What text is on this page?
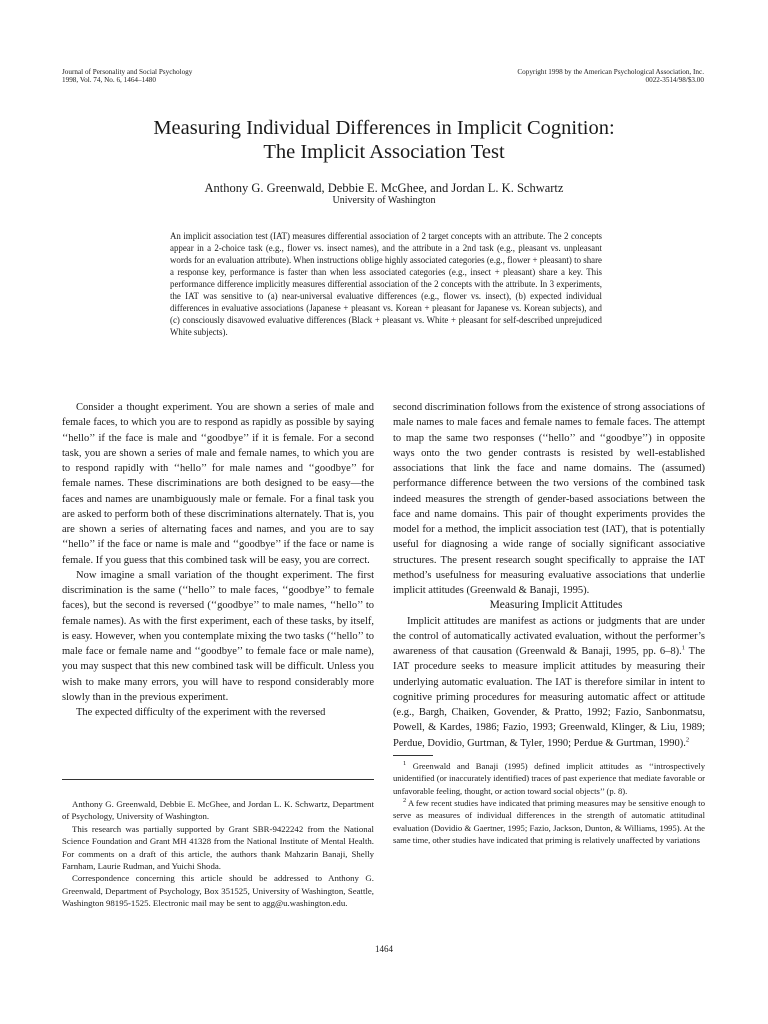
Journal of Personality and Social Psychology
1998, Vol. 74, No. 6, 1464–1480
Copyright 1998 by the American Psychological Association, Inc.
0022-3514/98/$3.00
Measuring Individual Differences in Implicit Cognition:
The Implicit Association Test
Anthony G. Greenwald, Debbie E. McGhee, and Jordan L. K. Schwartz
University of Washington
An implicit association test (IAT) measures differential association of 2 target concepts with an attribute. The 2 concepts appear in a 2-choice task (e.g., flower vs. insect names), and the attribute in a 2nd task (e.g., pleasant vs. unpleasant words for an evaluation attribute). When instructions oblige highly associated categories (e.g., flower + pleasant) to share a response key, performance is faster than when less associated categories (e.g., insect + pleasant) share a key. This performance difference implicitly measures differential association of the 2 concepts with the attribute. In 3 experiments, the IAT was sensitive to (a) near-universal evaluative differences (e.g., flower vs. insect), (b) expected individual differences in evaluative associations (Japanese + pleasant vs. Korean + pleasant for Japanese vs. Korean subjects), and (c) consciously disavowed evaluative differences (Black + pleasant vs. White + pleasant for self-described unprejudiced White subjects).

Consider a thought experiment. You are shown a series of male and female faces, to which you are to respond as rapidly as possible by saying ‘‘hello’’ if the face is male and ‘‘goodbye’’ if it is female. For a second task, you are shown a series of male and female names, to which you are to respond rapidly with ‘‘hello’’ for male names and ‘‘goodbye’’ for female names. These discriminations are both designed to be easy—the faces and names are unambiguously male or female. For a final task you are asked to perform both of these discriminations alternately. That is, you are shown a series of alternating faces and names, and you are to say ‘‘hello’’ if the face or name is male and ‘‘goodbye’’ if the face or name is female. If you guess that this combined task will be easy, you are correct.

Now imagine a small variation of the thought experiment. The first discrimination is the same (‘‘hello’’ to male faces, ‘‘goodbye’’ to female faces), but the second is reversed (‘‘goodbye’’ to male names, ‘‘hello’’ to female names). As with the first experiment, each of these tasks, by itself, is easy. However, when you contemplate mixing the two tasks (‘‘hello’’ to male face or female name and ‘‘goodbye’’ to female face or male name), you may suspect that this new combined task will be difficult. Unless you wish to make many errors, you will have to respond considerably more slowly than in the previous experiment.

The expected difficulty of the experiment with the reversed

Anthony G. Greenwald, Debbie E. McGhee, and Jordan L. K. Schwartz, Department of Psychology, University of Washington.

This research was partially supported by Grant SBR-9422242 from the National Science Foundation and Grant MH 41328 from the National Institute of Mental Health. For comments on a draft of this article, the authors thank Mahzarin Banaji, Shelly Farnham, Laurie Rudman, and Yuichi Shoda.

Correspondence concerning this article should be addressed to Anthony G. Greenwald, Department of Psychology, Box 351525, University of Washington, Seattle, Washington 98195-1525. Electronic mail may be sent to agg@u.washington.edu.

second discrimination follows from the existence of strong associations of male names to male faces and female names to female faces. The attempt to map the same two responses (‘‘hello’’ and ‘‘goodbye’’) in opposite ways onto the two gender contrasts is resisted by well-established associations that link the face and name domains. The (assumed) performance difference between the two versions of the combined task indeed measures the strength of gender-based associations between the face and name domains. This pair of thought experiments provides the model for a method, the implicit association test (IAT), that is potentially useful for diagnosing a wide range of socially significant associative structures. The present research sought specifically to appraise the IAT method’s usefulness for measuring evaluative associations that underlie implicit attitudes (Greenwald & Banaji, 1995).

Measuring Implicit Attitudes

Implicit attitudes are manifest as actions or judgments that are under the control of automatically activated evaluation, without the performer’s awareness of that causation (Greenwald & Banaji, 1995, pp. 6–8).$^1$ The IAT procedure seeks to measure implicit attitudes by measuring their underlying automatic evaluation. The IAT is therefore similar in intent to cognitive priming procedures for measuring automatic affect or attitude (e.g., Bargh, Chaiken, Govender, & Pratto, 1992; Fazio, Sanbonmatsu, Powell, & Kardes, 1986; Fazio, 1993; Greenwald, Klinger, & Liu, 1989; Perdue, Dovidio, Gurtman, & Tyler, 1990; Perdue & Gurtman, 1990).$^2$

$^1$ Greenwald and Banaji (1995) defined implicit attitudes as ‘‘introspectively unidentified (or inaccurately identified) traces of past experience that mediate favorable or unfavorable feeling, thought, or action toward social objects’’ (p. 8).

$^2$ A few recent studies have indicated that priming measures may be sensitive enough to serve as measures of individual differences in the strength of automatic attitudinal evaluation (Dovidio & Gaertner, 1995; Fazio, Jackson, Dunton, & Williams, 1995). At the same time, other studies have indicated that priming is relatively unaffected by variations

1464
